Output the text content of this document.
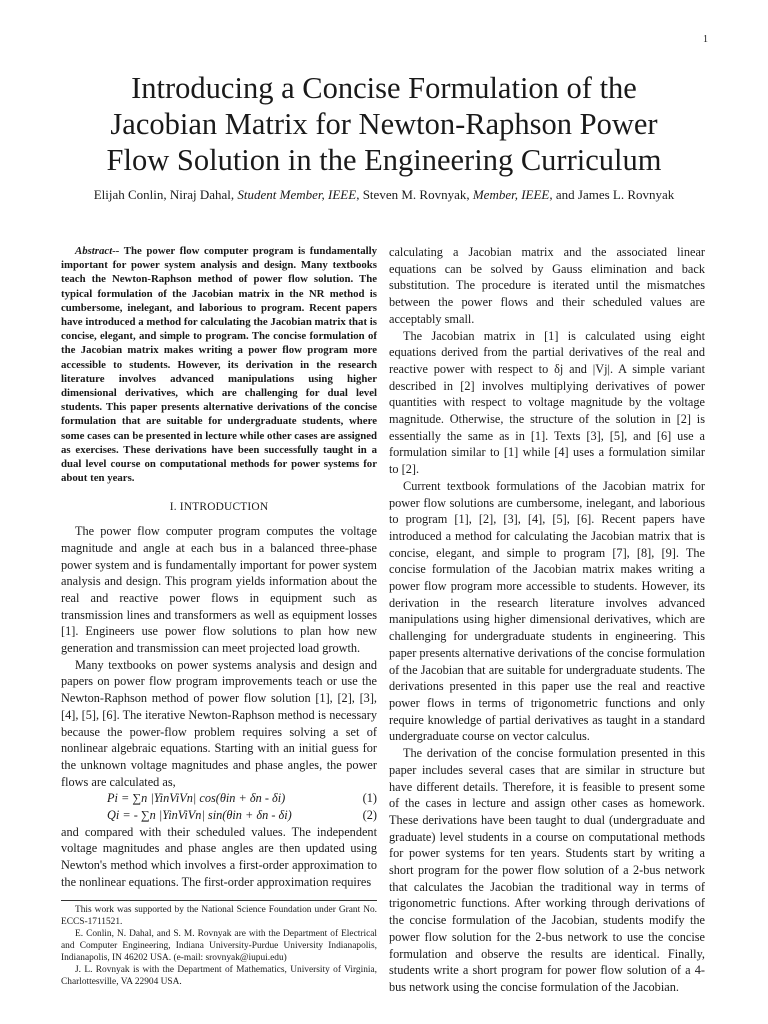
1
Introducing a Concise Formulation of the
Jacobian Matrix for Newton-Raphson Power
Flow Solution in the Engineering Curriculum
Elijah Conlin, Niraj Dahal, Student Member, IEEE, Steven M. Rovnyak, Member, IEEE, and James L. Rovnyak

Abstract-- The power flow computer program is fundamentally important for power system analysis and design. Many textbooks teach the Newton-Raphson method of power flow solution. The typical formulation of the Jacobian matrix in the NR method is cumbersome, inelegant, and laborious to program. Recent papers have introduced a method for calculating the Jacobian matrix that is concise, elegant, and simple to program. The concise formulation of the Jacobian matrix makes writing a power flow program more accessible to students. However, its derivation in the research literature involves advanced manipulations using higher dimensional derivatives, which are challenging for dual level students. This paper presents alternative derivations of the concise formulation that are suitable for undergraduate students, where some cases can be presented in lecture while other cases are assigned as exercises. These derivations have been successfully taught in a dual level course on computational methods for power systems for about ten years.

I. INTRODUCTION

The power flow computer program computes the voltage magnitude and angle at each bus in a balanced three-phase power system and is fundamentally important for power system analysis and design. This program yields information about the real and reactive power flows in equipment such as transmission lines and transformers as well as equipment losses [1]. Engineers use power flow solutions to plan how new generation and transmission can meet projected load growth.

Many textbooks on power systems analysis and design and papers on power flow program improvements teach or use the Newton-Raphson method of power flow solution [1], [2], [3], [4], [5], [6]. The iterative Newton-Raphson method is necessary because the power-flow problem requires solving a set of nonlinear algebraic equations. Starting with an initial guess for the unknown voltage magnitudes and phase angles, the power flows are calculated as,

Pi = ∑n |YinViVn| cos(θin + δn - δi)	(1)
Qi = - ∑n |YinViVn| sin(θin + δn - δi)	(2)

and compared with their scheduled values. The independent voltage magnitudes and phase angles are then updated using Newton's method which involves a first-order approximation to the nonlinear equations. The first-order approximation requires

This work was supported by the National Science Foundation under Grant No. ECCS-1711521.

E. Conlin, N. Dahal, and S. M. Rovnyak are with the Department of Electrical and Computer Engineering, Indiana University-Purdue University Indianapolis, Indianapolis, IN 46202 USA. (e-mail: srovnyak@iupui.edu)

J. L. Rovnyak is with the Department of Mathematics, University of Virginia, Charlottesville, VA 22904 USA.

calculating a Jacobian matrix and the associated linear equations can be solved by Gauss elimination and back substitution. The procedure is iterated until the mismatches between the power flows and their scheduled values are acceptably small.

The Jacobian matrix in [1] is calculated using eight equations derived from the partial derivatives of the real and reactive power with respect to δj and |Vj|. A simple variant described in [2] involves multiplying derivatives of power quantities with respect to voltage magnitude by the voltage magnitude. Otherwise, the structure of the solution in [2] is essentially the same as in [1]. Texts [3], [5], and [6] use a formulation similar to [1] while [4] uses a formulation similar to [2].

Current textbook formulations of the Jacobian matrix for power flow solutions are cumbersome, inelegant, and laborious to program [1], [2], [3], [4], [5], [6]. Recent papers have introduced a method for calculating the Jacobian matrix that is concise, elegant, and simple to program [7], [8], [9]. The concise formulation of the Jacobian matrix makes writing a power flow program more accessible to students. However, its derivation in the research literature involves advanced manipulations using higher dimensional derivatives, which are challenging for undergraduate students in engineering. This paper presents alternative derivations of the concise formulation of the Jacobian that are suitable for undergraduate students. The derivations presented in this paper use the real and reactive power flows in terms of trigonometric functions and only require knowledge of partial derivatives as taught in a standard undergraduate course on vector calculus.

The derivation of the concise formulation presented in this paper includes several cases that are similar in structure but have different details. Therefore, it is feasible to present some of the cases in lecture and assign other cases as homework. These derivations have been taught to dual (undergraduate and graduate) level students in a course on computational methods for power systems for ten years. Students start by writing a short program for the power flow solution of a 2-bus network that calculates the Jacobian the traditional way in terms of trigonometric functions. After working through derivations of the concise formulation of the Jacobian, students modify the power flow solution for the 2-bus network to use the concise formulation and observe the results are identical. Finally, students write a short program for power flow solution of a 4-bus network using the concise formulation of the Jacobian.
